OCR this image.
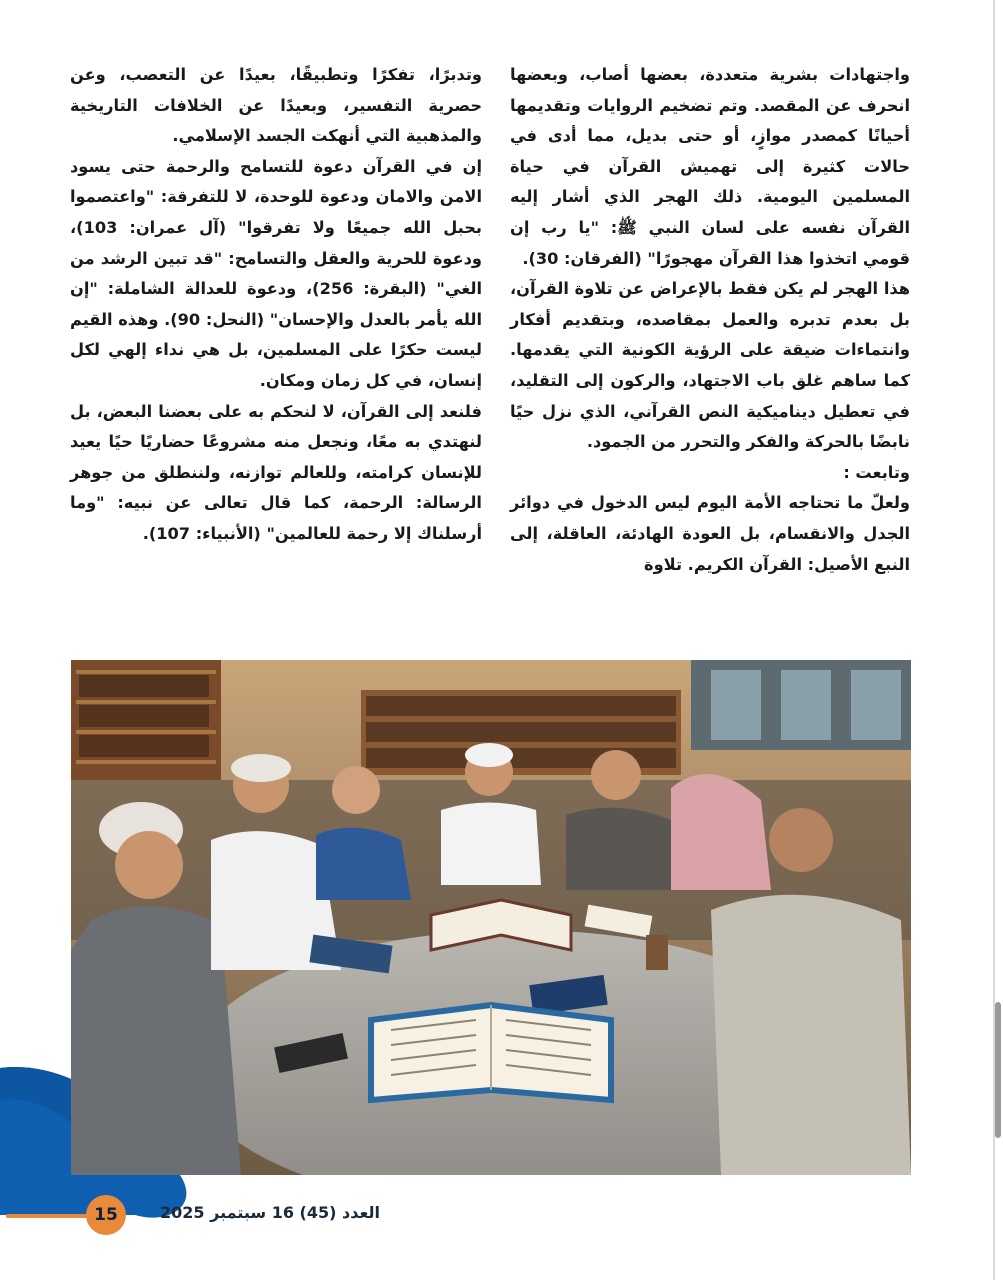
واجتهادات بشرية متعددة، بعضها أصاب، وبعضها انحرف عن المقصد. وتم تضخيم الروايات وتقديمها أحيانًا كمصدر موازٍ، أو حتى بديل، مما أدى في حالات كثيرة إلى تهميش القرآن في حياة المسلمين اليومية. ذلك الهجر الذي أشار إليه القرآن نفسه على لسان النبي ﷺ: "يا رب إن قومي اتخذوا هذا القرآن مهجورًا" (الفرقان: 30).

هذا الهجر لم يكن فقط بالإعراض عن تلاوة القرآن، بل بعدم تدبره والعمل بمقاصده، وبتقديم أفكار وانتماءات ضيقة على الرؤية الكونية التي يقدمها. كما ساهم غلق باب الاجتهاد، والركون إلى التقليد، في تعطيل ديناميكية النص القرآني، الذي نزل حيًا نابضًا بالحركة والفكر والتحرر من الجمود.

وتابعت :

ولعلّ ما تحتاجه الأمة اليوم ليس الدخول في دوائر الجدل والانقسام، بل العودة الهادئة، العاقلة، إلى النبع الأصيل: القرآن الكريم. تلاوة

وتدبرًا، تفكرًا وتطبيقًا، بعيدًا عن التعصب، وعن حصرية التفسير، وبعيدًا عن الخلافات التاريخية والمذهبية التي أنهكت الجسد الإسلامي.

إن في القرآن دعوة للتسامح والرحمة حتى يسود الامن والامان ودعوة للوحدة، لا للتفرقة: "واعتصموا بحبل الله جميعًا ولا تفرقوا" (آل عمران: 103)، ودعوة للحرية والعقل والتسامح: "قد تبين الرشد من الغي" (البقرة: 256)، ودعوة للعدالة الشاملة: "إن الله يأمر بالعدل والإحسان" (النحل: 90). وهذه القيم ليست حكرًا على المسلمين، بل هي نداء إلهي لكل إنسان، في كل زمان ومكان.

فلنعد إلى القرآن، لا لنحكم به على بعضنا البعض، بل لنهتدي به معًا، ونجعل منه مشروعًا حضاريًا حيًا يعيد للإنسان كرامته، وللعالم توازنه، ولننطلق من جوهر الرسالة: الرحمة، كما قال تعالى عن نبيه: "وما أرسلناك إلا رحمة للعالمين" (الأنبياء: 107).

15	العدد (45) 16 سبتمبر 2025
